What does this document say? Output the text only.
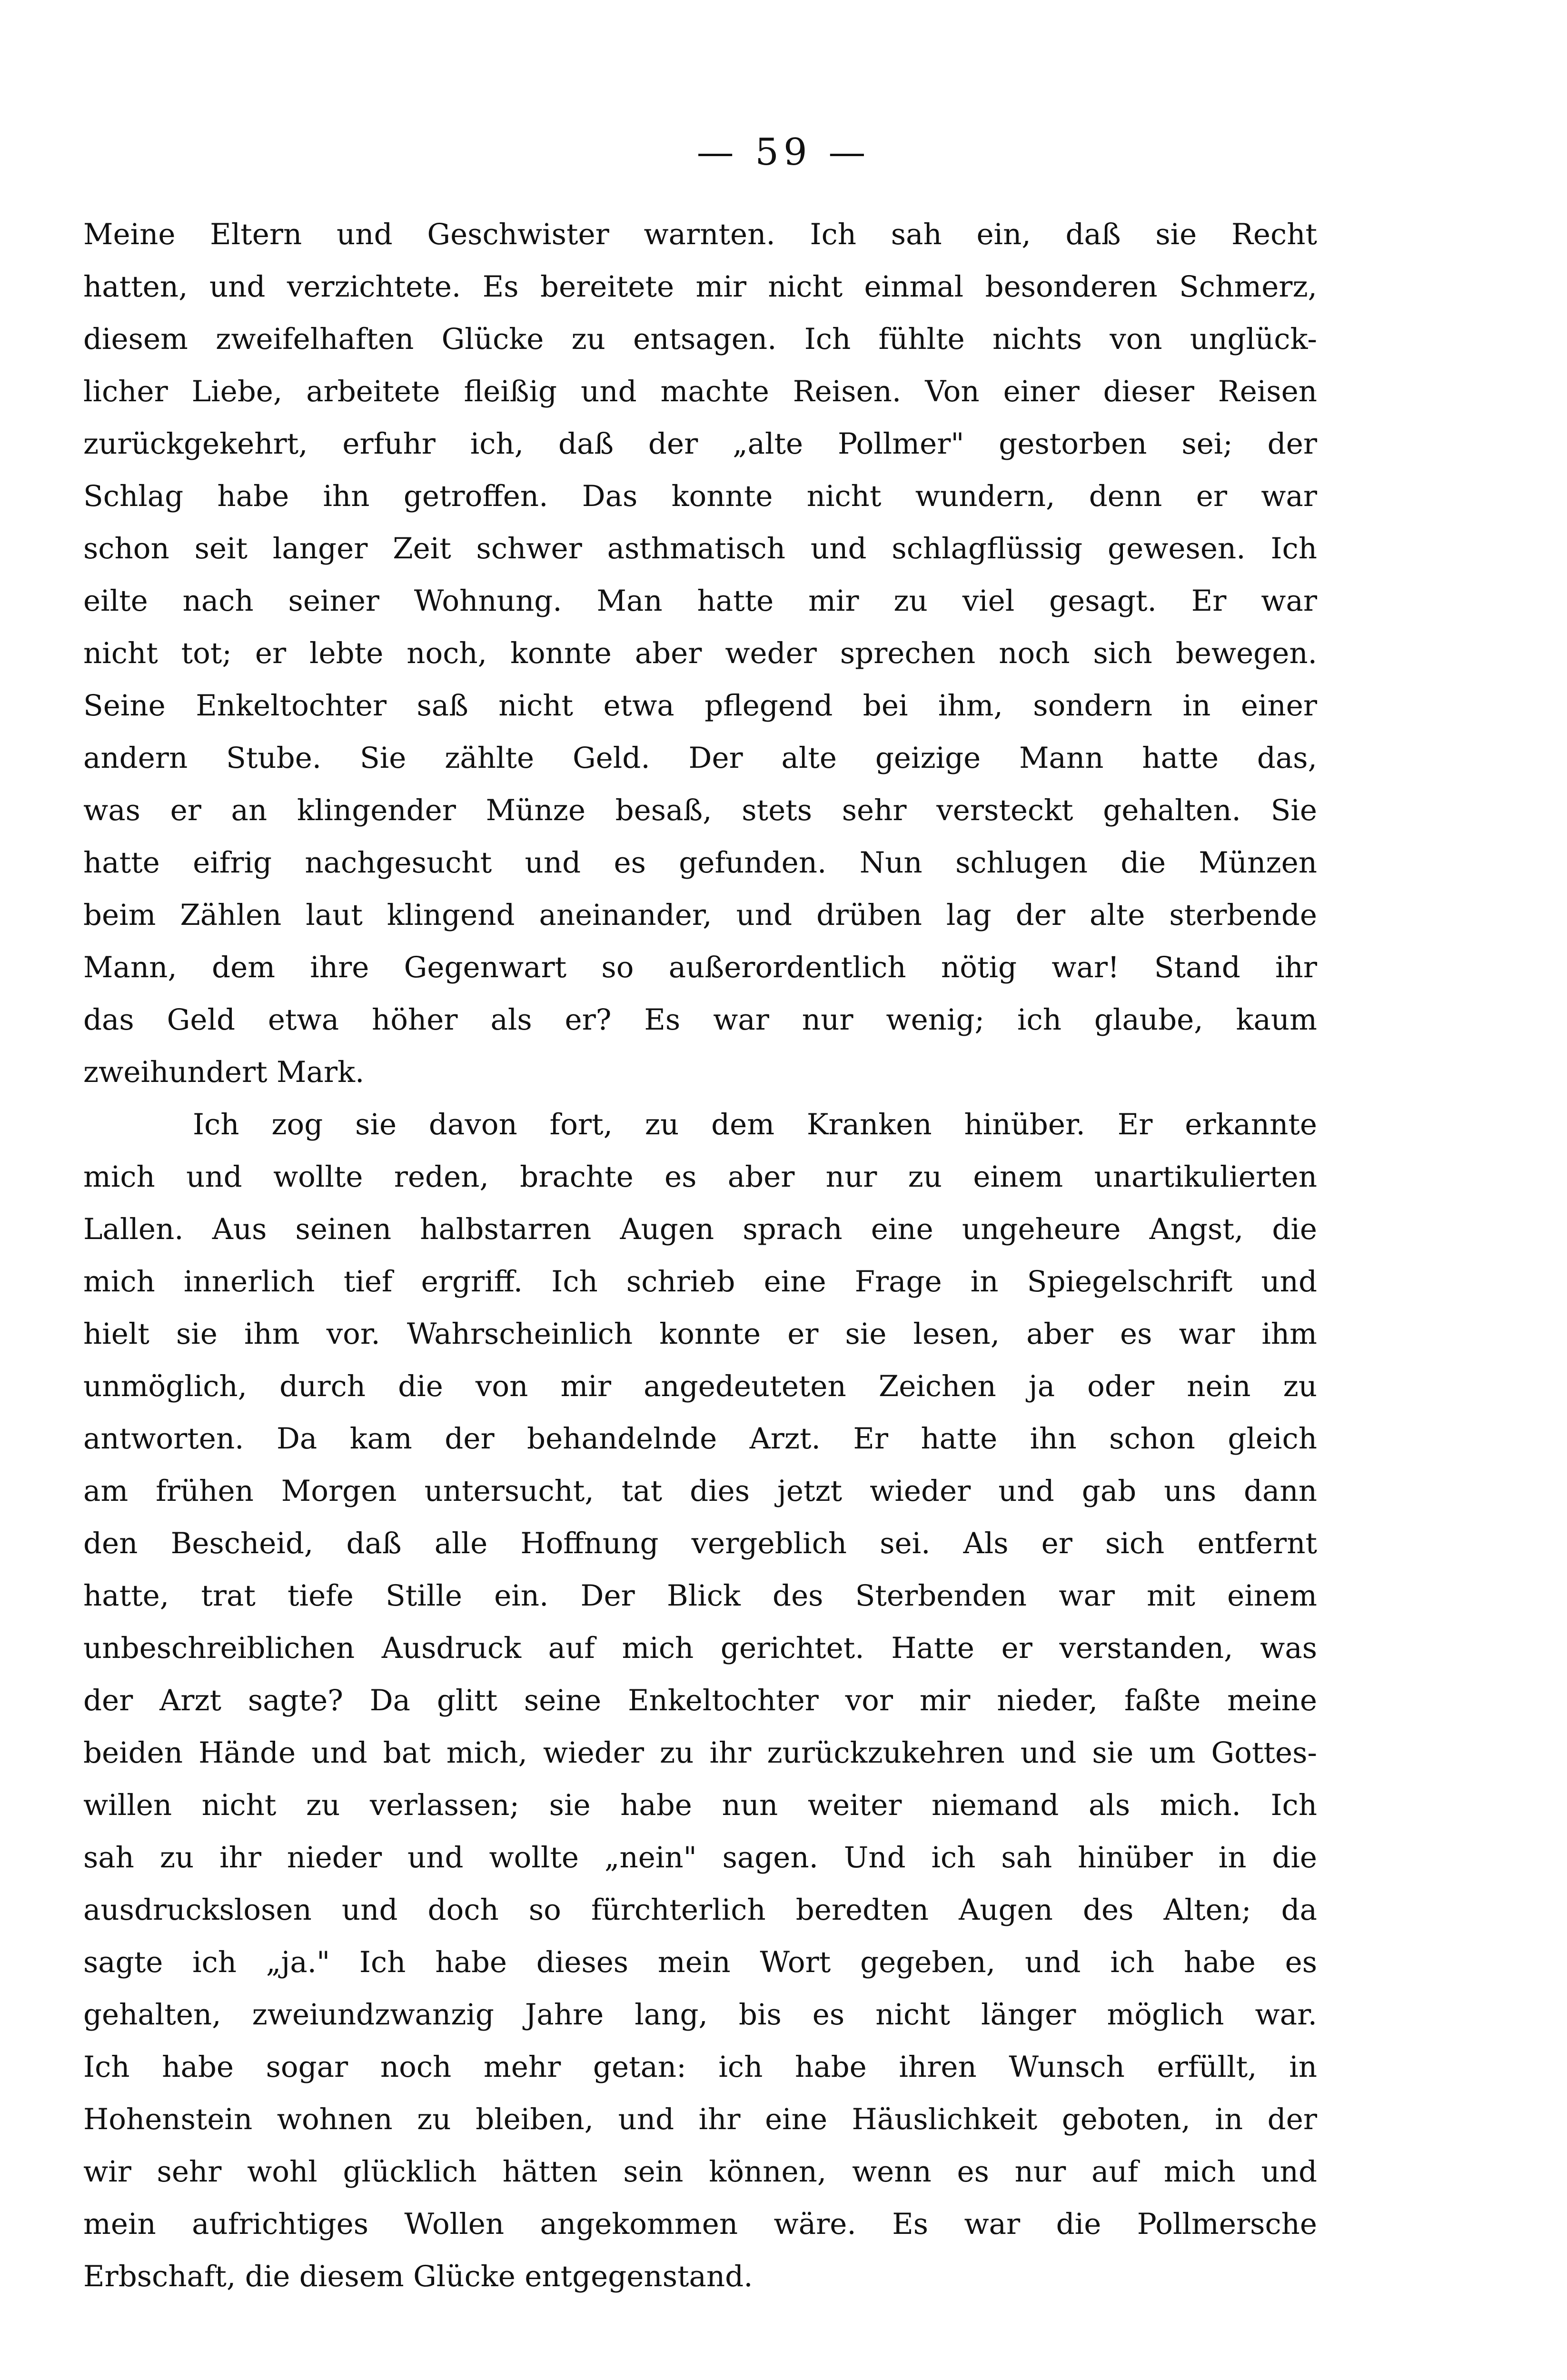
— 59 —
Meine Eltern und Geschwister warnten. Ich sah ein, daß sie Recht
hatten, und verzichtete. Es bereitete mir nicht einmal besonderen Schmerz,
diesem zweifelhaften Glücke zu entsagen. Ich fühlte nichts von unglück-
licher Liebe, arbeitete fleißig und machte Reisen. Von einer dieser Reisen
zurückgekehrt, erfuhr ich, daß der „alte Pollmer" gestorben sei; der
Schlag habe ihn getroffen. Das konnte nicht wundern, denn er war
schon seit langer Zeit schwer asthmatisch und schlagflüssig gewesen. Ich
eilte nach seiner Wohnung. Man hatte mir zu viel gesagt. Er war
nicht tot; er lebte noch, konnte aber weder sprechen noch sich bewegen.
Seine Enkeltochter saß nicht etwa pflegend bei ihm, sondern in einer
andern Stube. Sie zählte Geld. Der alte geizige Mann hatte das,
was er an klingender Münze besaß, stets sehr versteckt gehalten. Sie
hatte eifrig nachgesucht und es gefunden. Nun schlugen die Münzen
beim Zählen laut klingend aneinander, und drüben lag der alte sterbende
Mann, dem ihre Gegenwart so außerordentlich nötig war! Stand ihr
das Geld etwa höher als er? Es war nur wenig; ich glaube, kaum
zweihundert Mark.
Ich zog sie davon fort, zu dem Kranken hinüber. Er erkannte
mich und wollte reden, brachte es aber nur zu einem unartikulierten
Lallen. Aus seinen halbstarren Augen sprach eine ungeheure Angst, die
mich innerlich tief ergriff. Ich schrieb eine Frage in Spiegelschrift und
hielt sie ihm vor. Wahrscheinlich konnte er sie lesen, aber es war ihm
unmöglich, durch die von mir angedeuteten Zeichen ja oder nein zu
antworten. Da kam der behandelnde Arzt. Er hatte ihn schon gleich
am frühen Morgen untersucht, tat dies jetzt wieder und gab uns dann
den Bescheid, daß alle Hoffnung vergeblich sei. Als er sich entfernt
hatte, trat tiefe Stille ein. Der Blick des Sterbenden war mit einem
unbeschreiblichen Ausdruck auf mich gerichtet. Hatte er verstanden, was
der Arzt sagte? Da glitt seine Enkeltochter vor mir nieder, faßte meine
beiden Hände und bat mich, wieder zu ihr zurückzukehren und sie um Gottes-
willen nicht zu verlassen; sie habe nun weiter niemand als mich. Ich
sah zu ihr nieder und wollte „nein" sagen. Und ich sah hinüber in die
ausdruckslosen und doch so fürchterlich beredten Augen des Alten; da
sagte ich „ja." Ich habe dieses mein Wort gegeben, und ich habe es
gehalten, zweiundzwanzig Jahre lang, bis es nicht länger möglich war.
Ich habe sogar noch mehr getan: ich habe ihren Wunsch erfüllt, in
Hohenstein wohnen zu bleiben, und ihr eine Häuslichkeit geboten, in der
wir sehr wohl glücklich hätten sein können, wenn es nur auf mich und
mein aufrichtiges Wollen angekommen wäre. Es war die Pollmersche
Erbschaft, die diesem Glücke entgegenstand.
